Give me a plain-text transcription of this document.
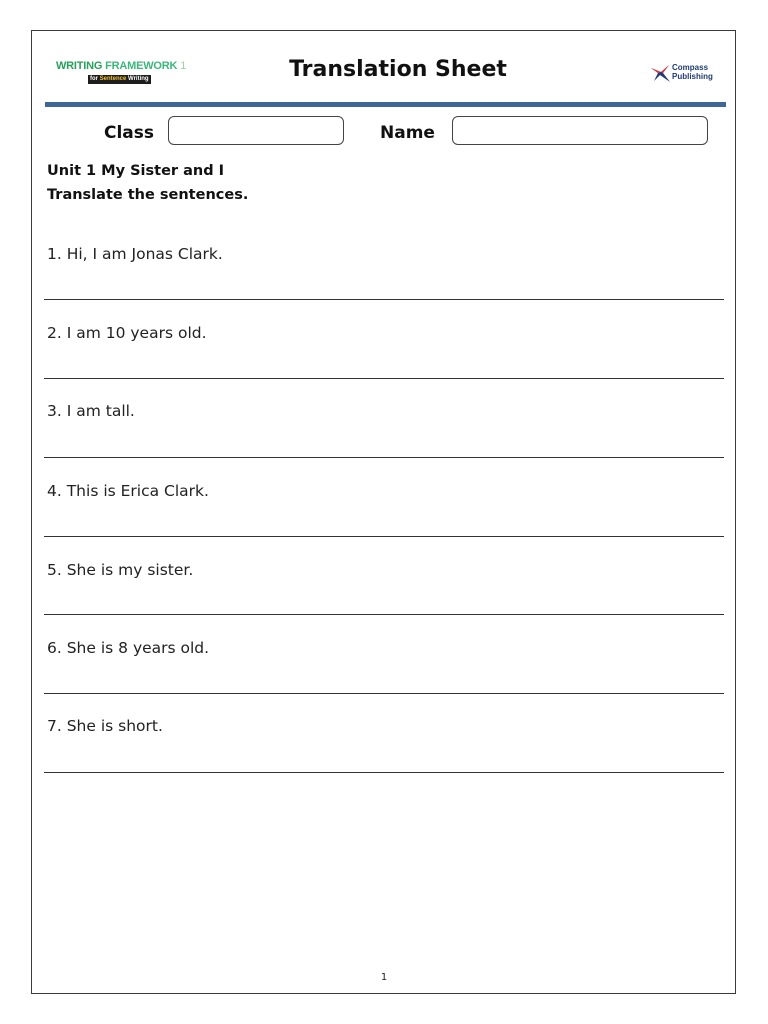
WRITING FRAMEWORK 1
for Sentence Writing	Translation Sheet	Compass
Publishing
Class	Name
Unit 1 My Sister and I
Translate the sentences.
1. Hi, I am Jonas Clark.
2. I am 10 years old.
3. I am tall.
4. This is Erica Clark.
5. She is my sister.
6. She is 8 years old.
7. She is short.
1
